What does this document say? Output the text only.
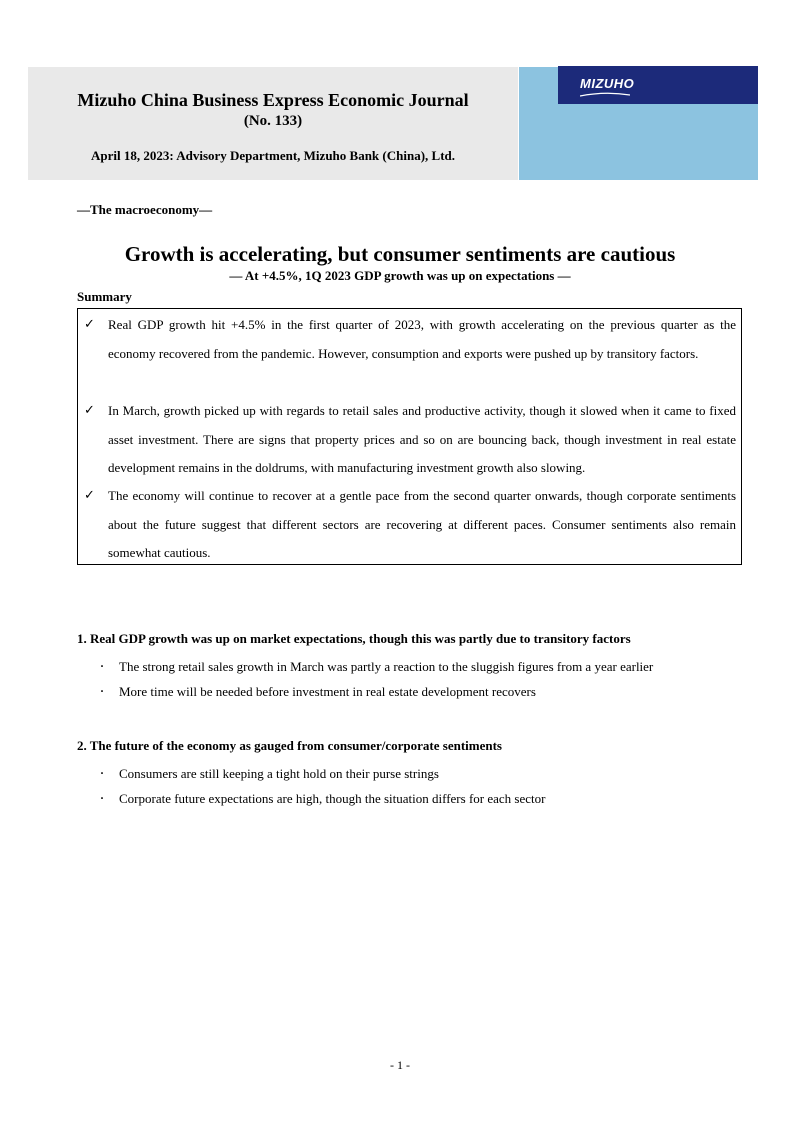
MIZUHO
Mizuho China Business Express Economic Journal
(No. 133)
April 18, 2023: Advisory Department, Mizuho Bank (China), Ltd.
―The macroeconomy―
Growth is accelerating, but consumer sentiments are cautious
― At +4.5%, 1Q 2023 GDP growth was up on expectations ―
Summary
✓ Real GDP growth hit +4.5% in the first quarter of 2023, with growth accelerating on the previous quarter as the economy recovered from the pandemic. However, consumption and exports were pushed up by transitory factors.
✓ In March, growth picked up with regards to retail sales and productive activity, though it slowed when it came to fixed asset investment. There are signs that property prices and so on are bouncing back, though investment in real estate development remains in the doldrums, with manufacturing investment growth also slowing.
✓ The economy will continue to recover at a gentle pace from the second quarter onwards, though corporate sentiments about the future suggest that different sectors are recovering at different paces. Consumer sentiments also remain somewhat cautious.
1. Real GDP growth was up on market expectations, though this was partly due to transitory factors
・ The strong retail sales growth in March was partly a reaction to the sluggish figures from a year earlier
・ More time will be needed before investment in real estate development recovers
2. The future of the economy as gauged from consumer/corporate sentiments
・ Consumers are still keeping a tight hold on their purse strings
・ Corporate future expectations are high, though the situation differs for each sector
- 1 -
